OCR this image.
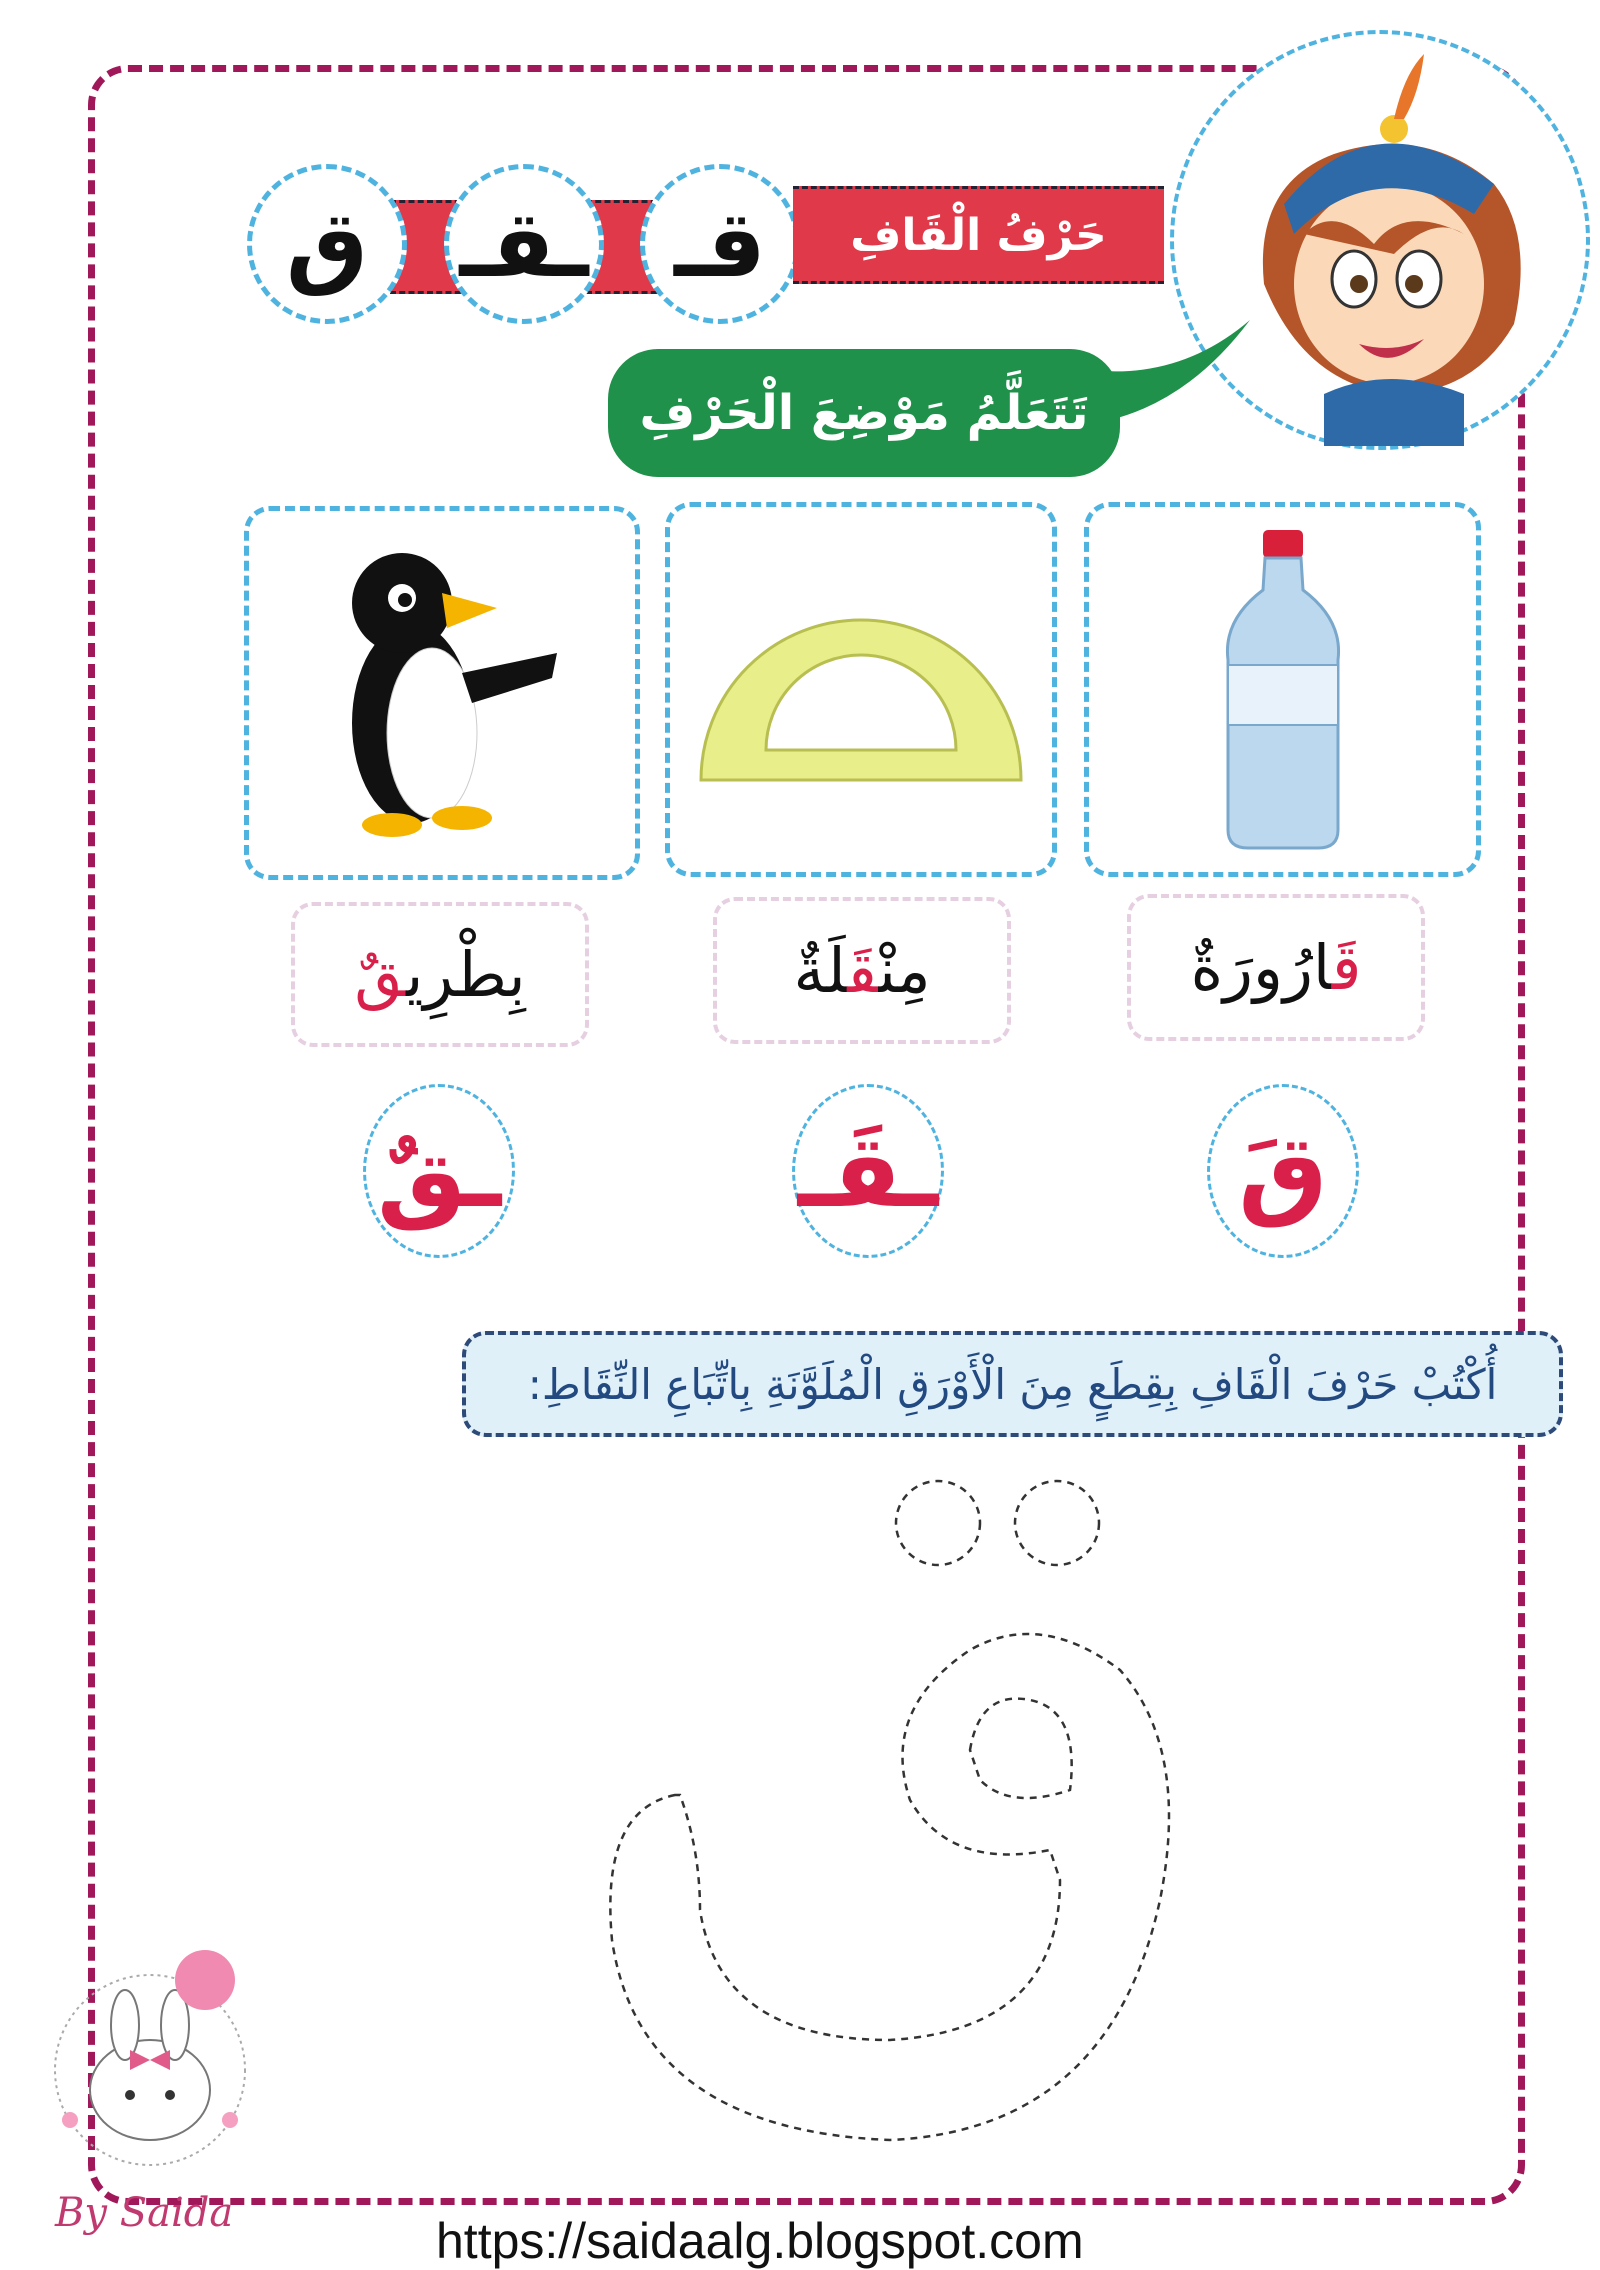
ق ـقـ قـ	حَرْفُ الْقَافِ
تَتَعَلَّمُ مَوْضِعَ الْحَرْفِ
قَارُورَةٌ
مِنْقَلَةٌ
بِطْرِيقٌ
قَ
ـقَـ
ـقٌ
أُكْتُبْ حَرْفَ الْقَافِ بِقِطَعٍ مِنَ الْأَوْرَقِ الْمُلَوَّنَةِ بِاتِّبَاعِ النِّقَاطِ:
By Saida	https://saidaalg.blogspot.com
